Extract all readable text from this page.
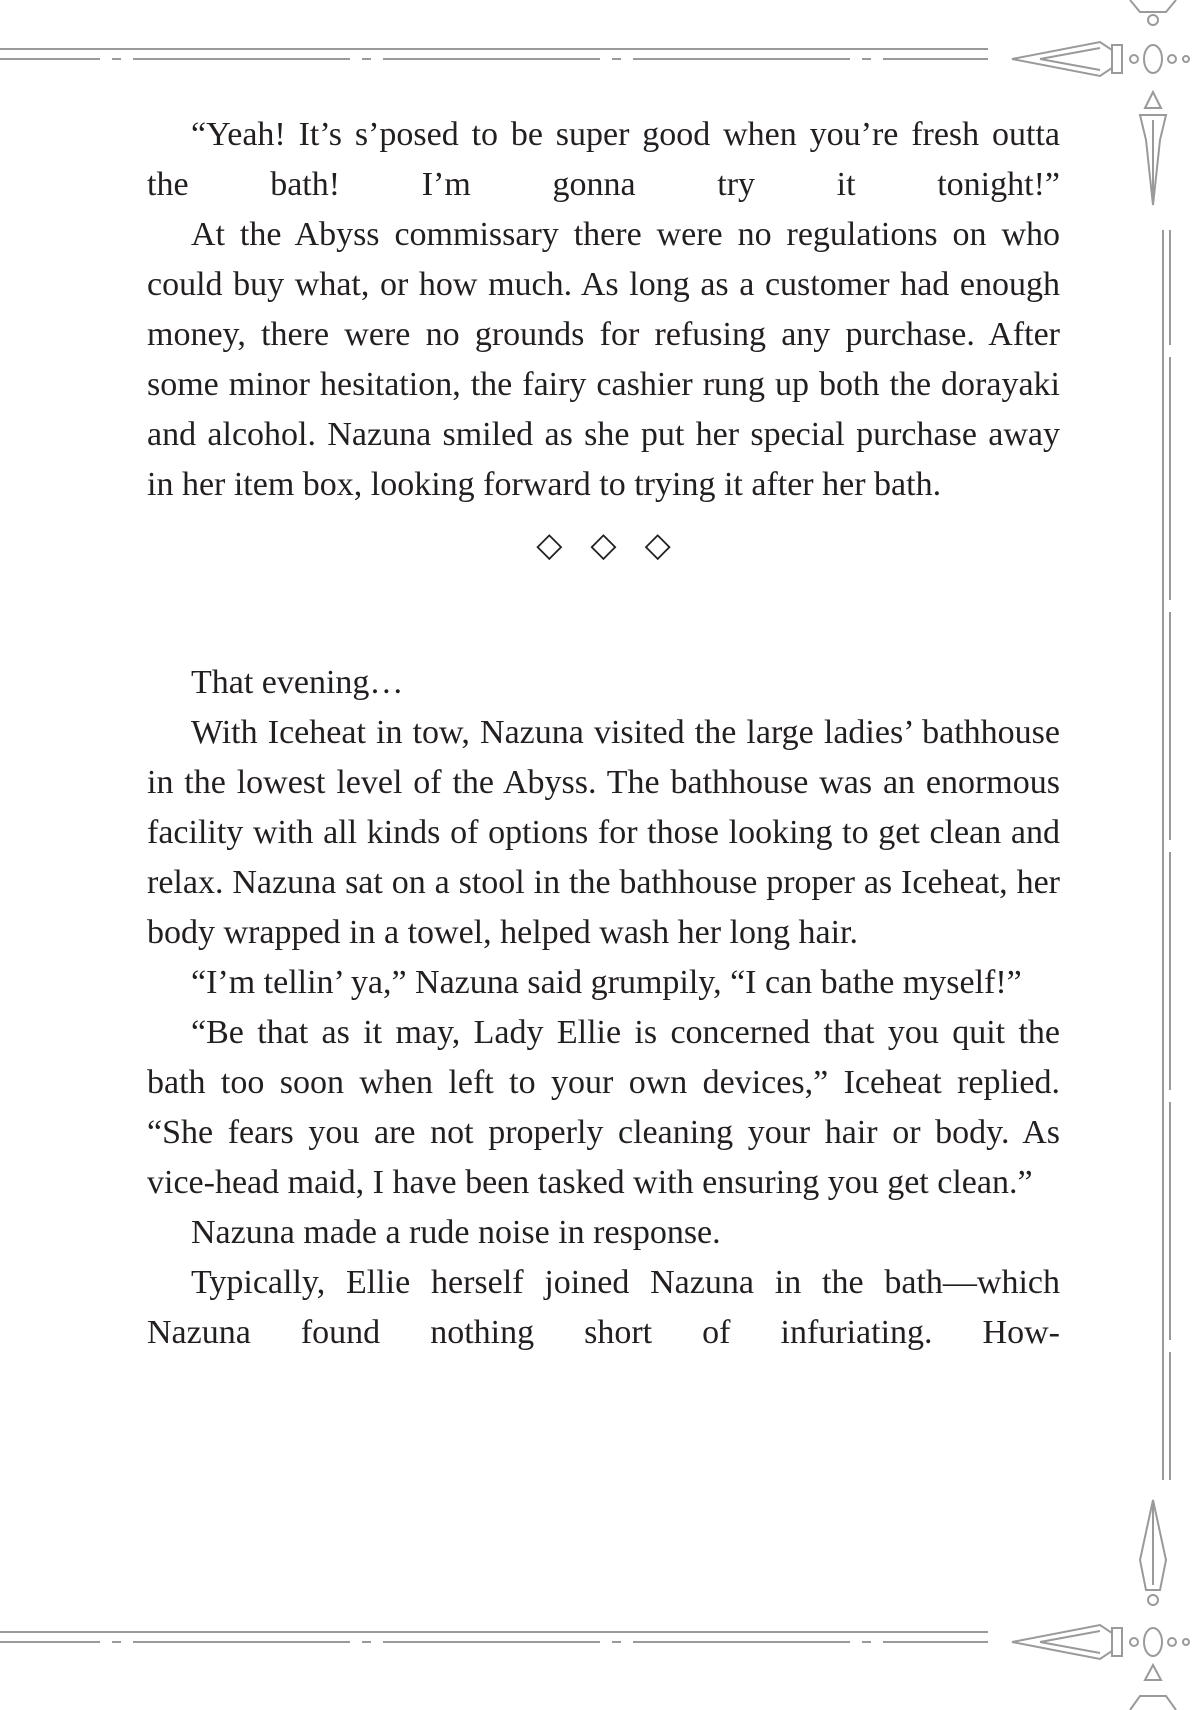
“Yeah! It’s s’posed to be super good when you’re fresh outta the bath! I’m gonna try it tonight!”

At the Abyss commissary there were no regulations on who could buy what, or how much. As long as a customer had enough money, there were no grounds for refusing any purchase. After some minor hesitation, the fairy cashier rung up both the dorayaki and alcohol. Nazuna smiled as she put her special purchase away in her item box, looking forward to trying it after her bath.

◇ ◇ ◇

That evening…

With Iceheat in tow, Nazuna visited the large ladies’ bathhouse in the lowest level of the Abyss. The bathhouse was an enormous facility with all kinds of options for those looking to get clean and relax. Nazuna sat on a stool in the bathhouse proper as Iceheat, her body wrapped in a towel, helped wash her long hair.

“I’m tellin’ ya,” Nazuna said grumpily, “I can bathe myself!”

“Be that as it may, Lady Ellie is concerned that you quit the bath too soon when left to your own devices,” Iceheat replied. “She fears you are not properly cleaning your hair or body. As vice-head maid, I have been tasked with ensuring you get clean.”

Nazuna made a rude noise in response.

Typically, Ellie herself joined Nazuna in the bath—which Nazuna found nothing short of infuriating. How-
